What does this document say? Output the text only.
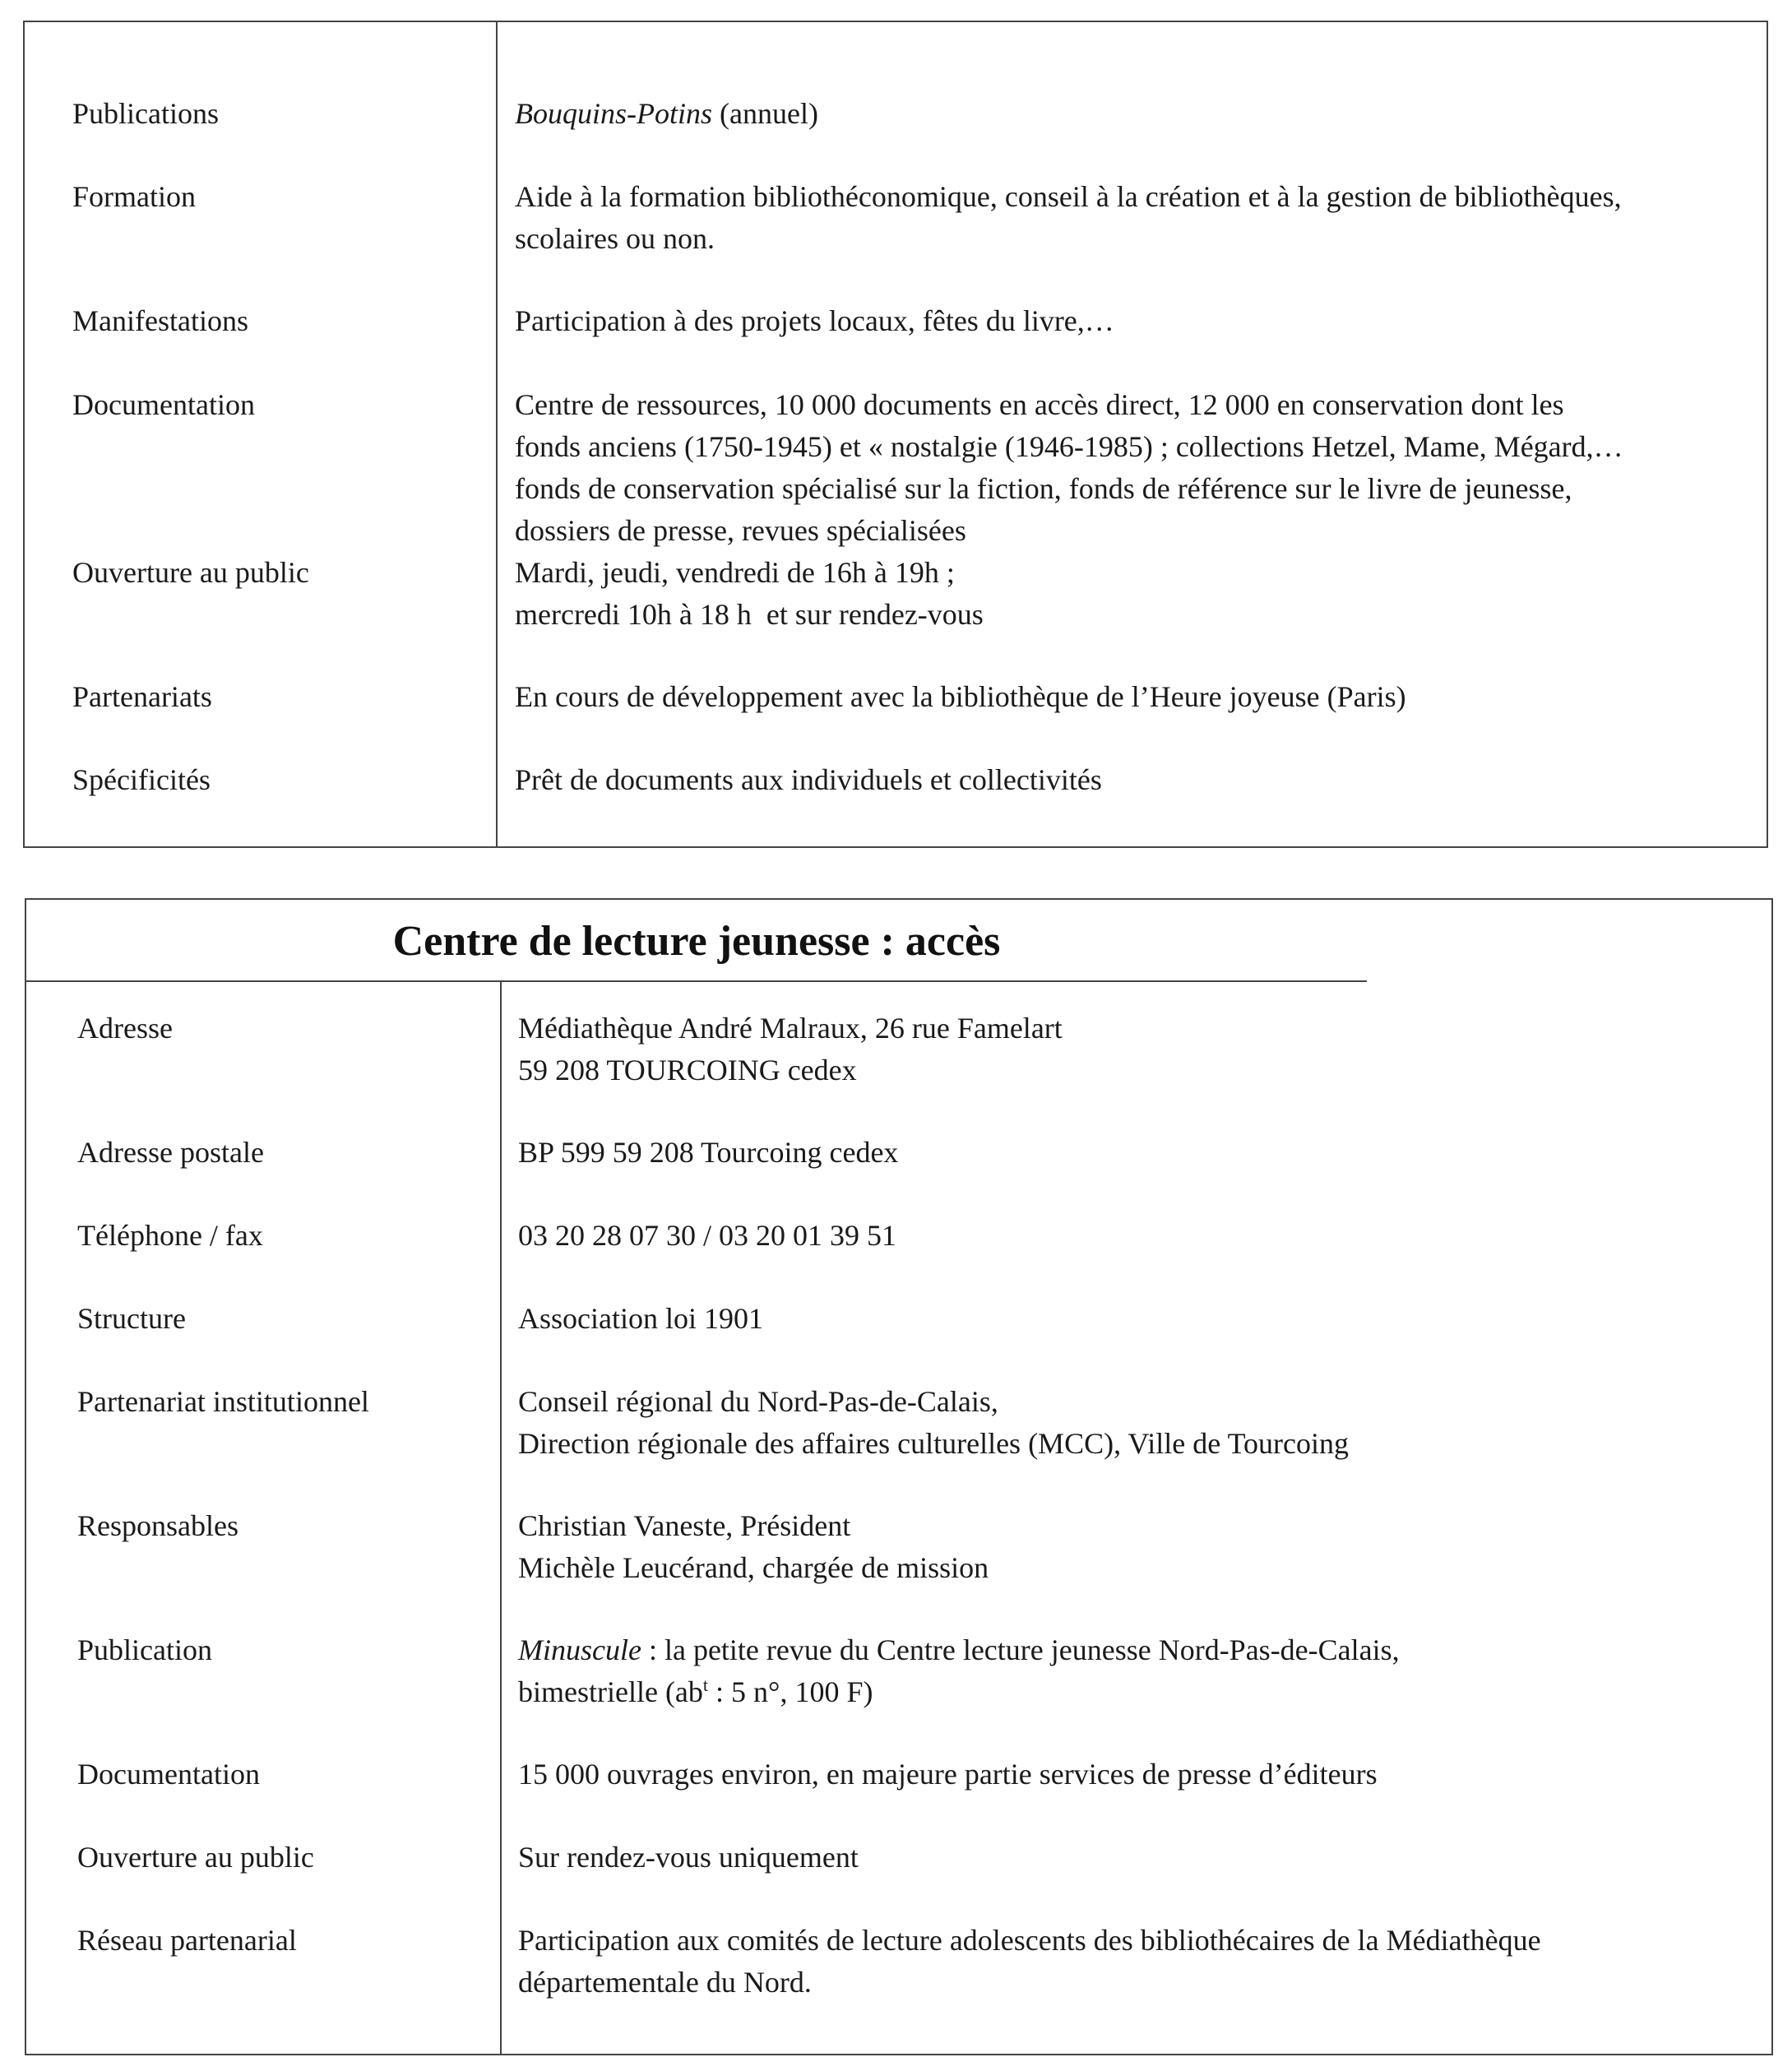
Publications	Bouquins-Potins (annuel)
Formation	Aide à la formation bibliothéconomique, conseil à la création et à la gestion de bibliothèques,
scolaires ou non.
Manifestations	Participation à des projets locaux, fêtes du livre,…
Documentation	Centre de ressources, 10 000 documents en accès direct, 12 000 en conservation dont les
fonds anciens (1750-1945) et « nostalgie (1946-1985) ; collections Hetzel, Mame, Mégard,…
fonds de conservation spécialisé sur la fiction, fonds de référence sur le livre de jeunesse,
dossiers de presse, revues spécialisées
Ouverture au public	Mardi, jeudi, vendredi de 16h à 19h ;
mercredi 10h à 18 h  et sur rendez-vous
Partenariats	En cours de développement avec la bibliothèque de l’Heure joyeuse (Paris)
Spécificités	Prêt de documents aux individuels et collectivités
Centre de lecture jeunesse : accès
Adresse	Médiathèque André Malraux, 26 rue Famelart
59 208 TOURCOING cedex
Adresse postale	BP 599 59 208 Tourcoing cedex
Téléphone / fax	03 20 28 07 30 / 03 20 01 39 51
Structure	Association loi 1901
Partenariat institutionnel	Conseil régional du Nord-Pas-de-Calais,
Direction régionale des affaires culturelles (MCC), Ville de Tourcoing
Responsables	Christian Vaneste, Président
Michèle Leucérand, chargée de mission
Publication	Minuscule : la petite revue du Centre lecture jeunesse Nord-Pas-de-Calais,
bimestrielle ($ab^t$ : 5 n°, 100 F)
Documentation	15 000 ouvrages environ, en majeure partie services de presse d’éditeurs
Ouverture au public	Sur rendez-vous uniquement
Réseau partenarial	Participation aux comités de lecture adolescents des bibliothécaires de la Médiathèque
départementale du Nord.
